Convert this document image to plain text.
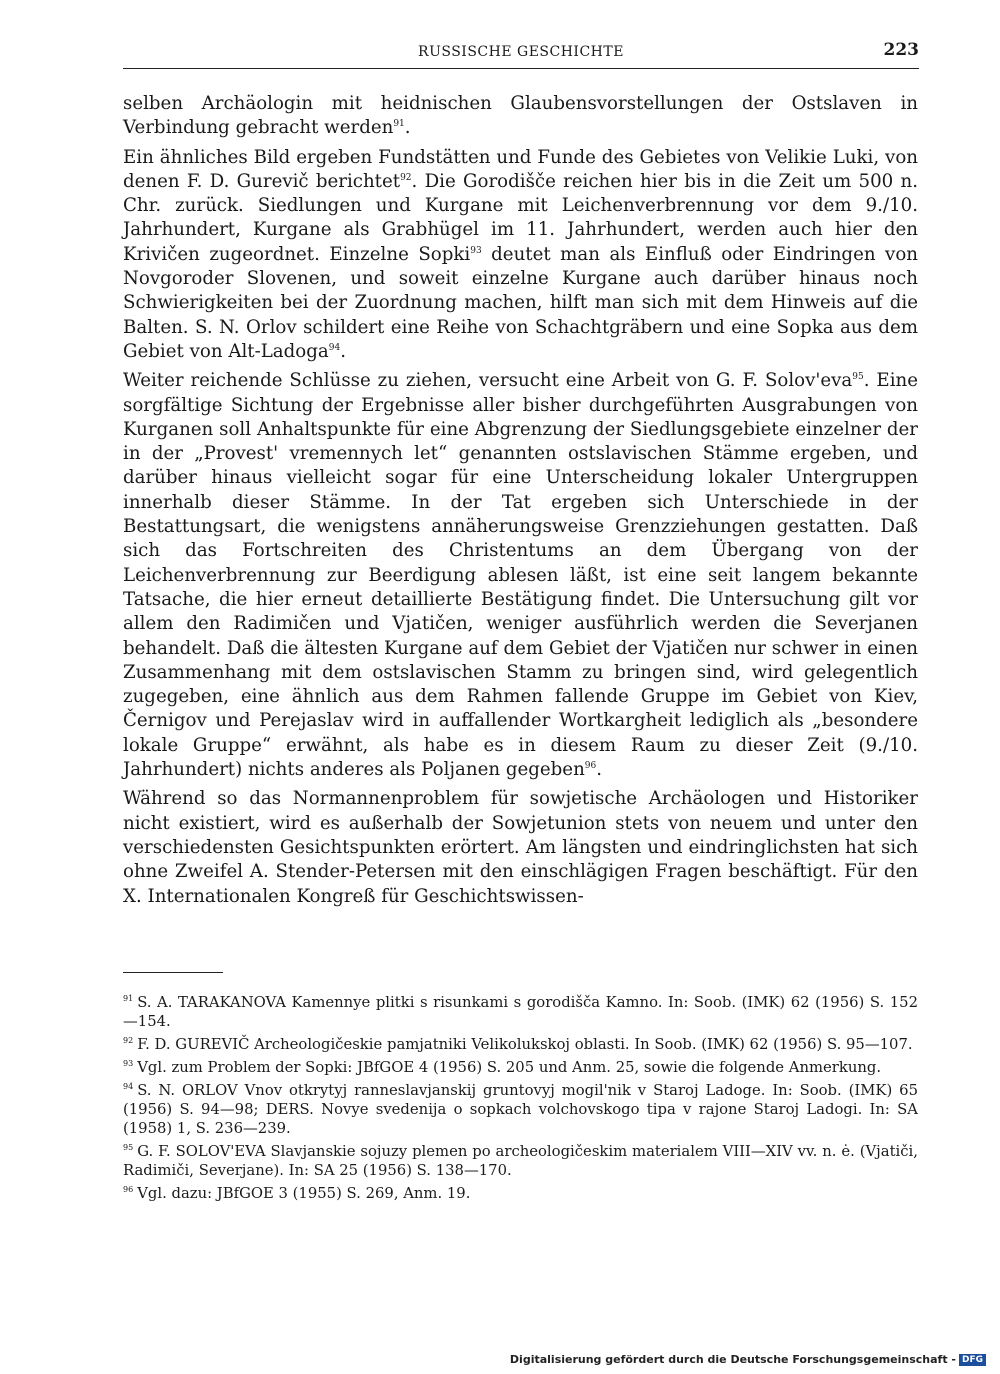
RUSSISCHE GESCHICHTE	223

selben Archäologin mit heidnischen Glaubensvorstellungen der Ostslaven in Verbindung gebracht werden$^{91}$.

Ein ähnliches Bild ergeben Fundstätten und Funde des Gebietes von Velikie Luki, von denen F. D. Gurevič berichtet$^{92}$. Die Gorodišče reichen hier bis in die Zeit um 500 n. Chr. zurück. Siedlungen und Kurgane mit Leichenverbrennung vor dem 9./10. Jahrhundert, Kurgane als Grabhügel im 11. Jahrhundert, werden auch hier den Krivičen zugeordnet. Einzelne Sopki$^{93}$ deutet man als Einfluß oder Eindringen von Novgoroder Slovenen, und soweit einzelne Kurgane auch darüber hinaus noch Schwierigkeiten bei der Zuordnung machen, hilft man sich mit dem Hinweis auf die Balten. S. N. Orlov schildert eine Reihe von Schachtgräbern und eine Sopka aus dem Gebiet von Alt-Ladoga$^{94}$.

Weiter reichende Schlüsse zu ziehen, versucht eine Arbeit von G. F. Solov'eva$^{95}$. Eine sorgfältige Sichtung der Ergebnisse aller bisher durchgeführten Ausgrabungen von Kurganen soll Anhaltspunkte für eine Abgrenzung der Siedlungsgebiete einzelner der in der „Provest' vremennych let“ genannten ostslavischen Stämme ergeben, und darüber hinaus vielleicht sogar für eine Unterscheidung lokaler Untergruppen innerhalb dieser Stämme. In der Tat ergeben sich Unterschiede in der Bestattungsart, die wenigstens annäherungsweise Grenzziehungen gestatten. Daß sich das Fortschreiten des Christentums an dem Übergang von der Leichenverbrennung zur Beerdigung ablesen läßt, ist eine seit langem bekannte Tatsache, die hier erneut detaillierte Bestätigung findet. Die Untersuchung gilt vor allem den Radimičen und Vjatičen, weniger ausführlich werden die Severjanen behandelt. Daß die ältesten Kurgane auf dem Gebiet der Vjatičen nur schwer in einen Zusammenhang mit dem ostslavischen Stamm zu bringen sind, wird gelegentlich zugegeben, eine ähnlich aus dem Rahmen fallende Gruppe im Gebiet von Kiev, Černigov und Perejaslav wird in auffallender Wortkargheit lediglich als „besondere lokale Gruppe“ erwähnt, als habe es in diesem Raum zu dieser Zeit (9./10. Jahrhundert) nichts anderes als Poljanen gegeben$^{96}$.

Während so das Normannenproblem für sowjetische Archäologen und Historiker nicht existiert, wird es außerhalb der Sowjetunion stets von neuem und unter den verschiedensten Gesichtspunkten erörtert. Am längsten und eindringlichsten hat sich ohne Zweifel A. Stender-Petersen mit den einschlägigen Fragen beschäftigt. Für den X. Internationalen Kongreß für Geschichtswissen-

$^{91}$ S. A. TARAKANOVA Kamennye plitki s risunkami s gorodišča Kamno. In: Soob. (IMK) 62 (1956) S. 152—154.

$^{92}$ F. D. GUREVIČ Archeologičeskie pamjatniki Velikolukskoj oblasti. In Soob. (IMK) 62 (1956) S. 95—107.

$^{93}$ Vgl. zum Problem der Sopki: JBfGOE 4 (1956) S. 205 und Anm. 25, sowie die folgende Anmerkung.

$^{94}$ S. N. ORLOV Vnov otkrytyj ranneslavjanskij gruntovyj mogil'nik v Staroj Ladoge. In: Soob. (IMK) 65 (1956) S. 94—98; DERS. Novye svedenija o sopkach volchovskogo tipa v rajone Staroj Ladogi. In: SA (1958) 1, S. 236—239.

$^{95}$ G. F. SOLOV'EVA Slavjanskie sojuzy plemen po archeologičeskim materialem VIII—XIV vv. n. ė. (Vjatiči, Radimiči, Severjane). In: SA 25 (1956) S. 138—170.

$^{96}$ Vgl. dazu: JBfGOE 3 (1955) S. 269, Anm. 19.

Digitalisierung gefördert durch die Deutsche Forschungsgemeinschaft - DFG
